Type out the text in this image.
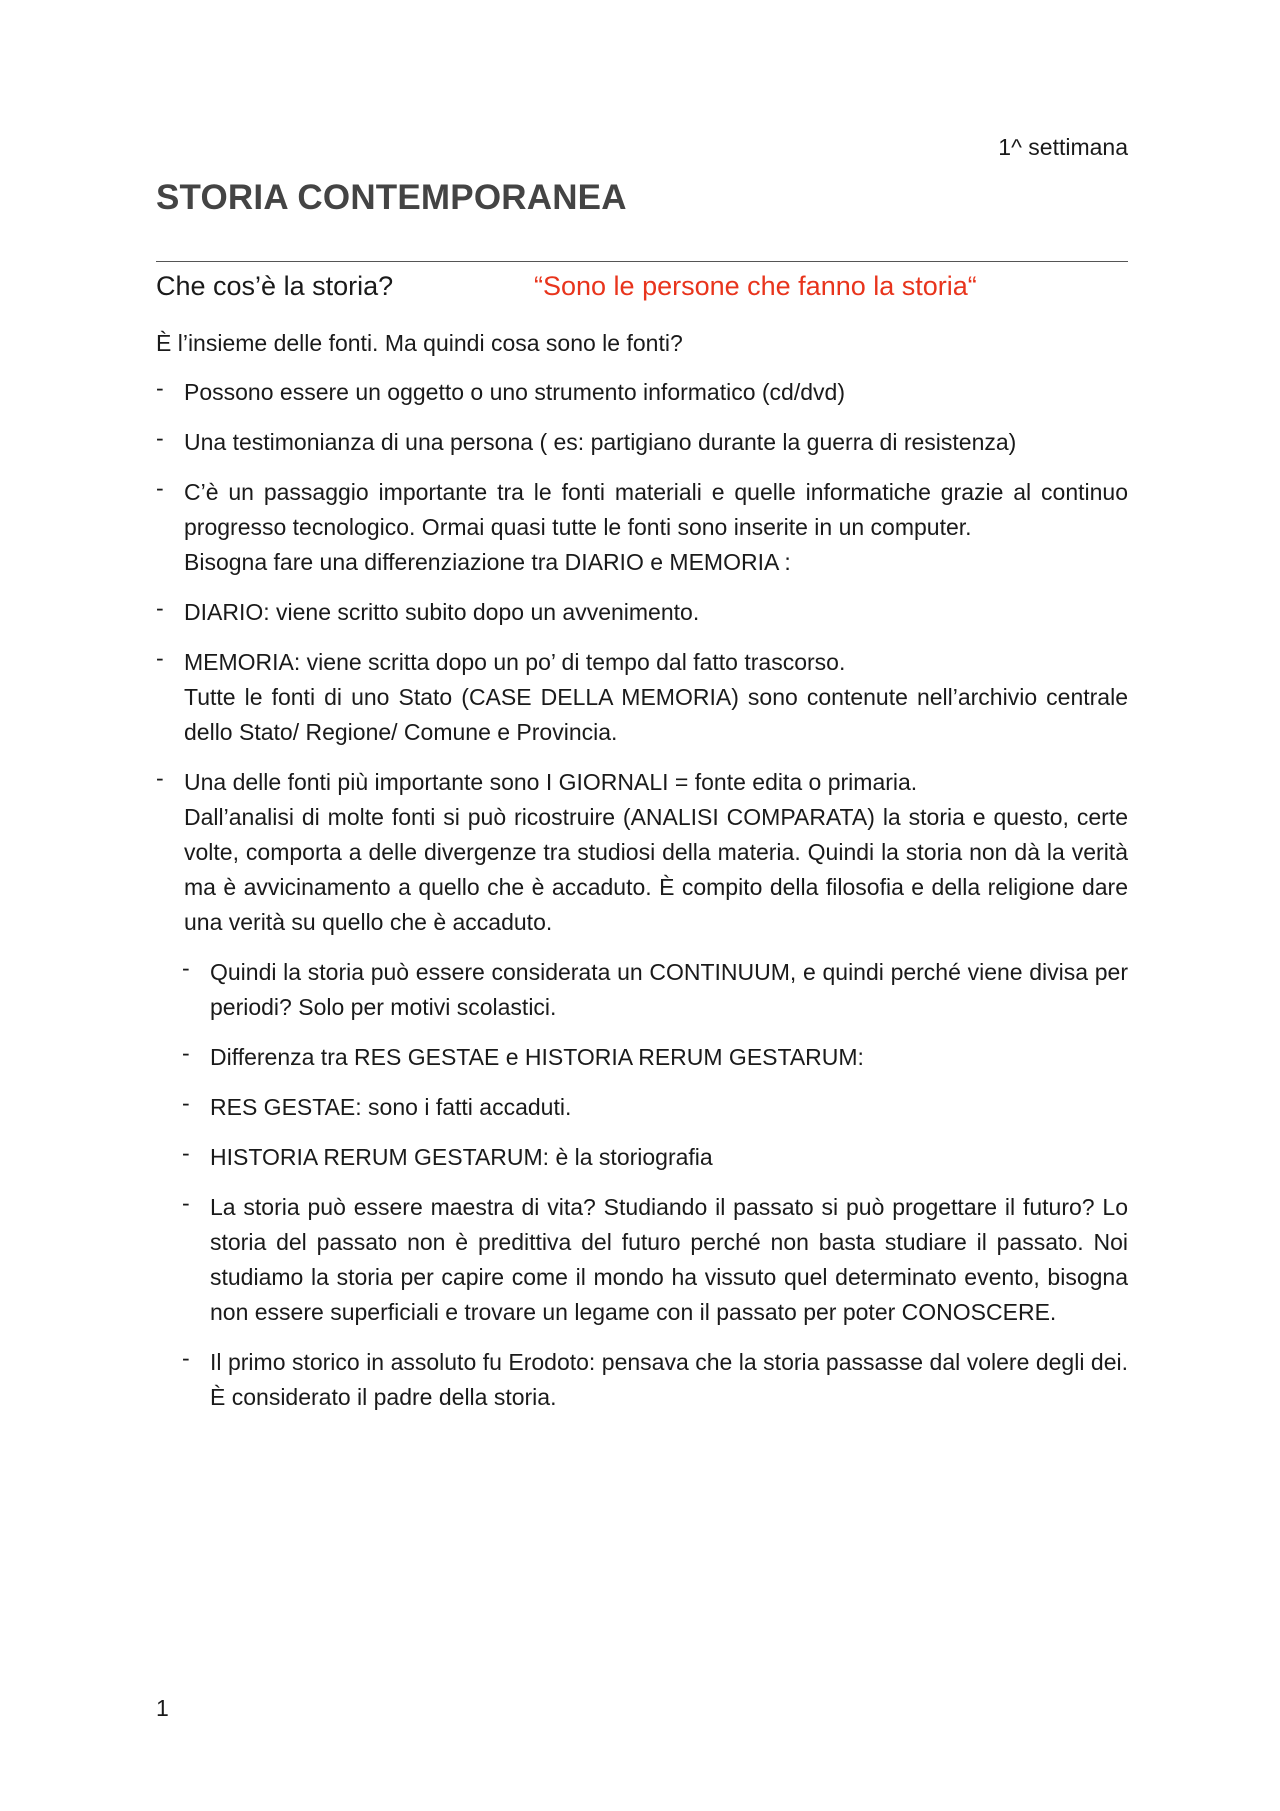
1^ settimana
STORIA CONTEMPORANEA
Che cos’è la storia?	“Sono le persone che fanno la storia“

È l’insieme delle fonti. Ma quindi cosa sono le fonti?

- Possono essere un oggetto o uno strumento informatico (cd/dvd)
- Una testimonianza di una persona ( es: partigiano durante la guerra di resistenza)
- C’è un passaggio importante tra le fonti materiali e quelle informatiche grazie al continuo progresso tecnologico. Ormai quasi tutte le fonti sono inserite in un computer.
Bisogna fare una differenziazione tra DIARIO e MEMORIA :
- DIARIO: viene scritto subito dopo un avvenimento.
- MEMORIA: viene scritta dopo un po’ di tempo dal fatto trascorso.
Tutte le fonti di uno Stato (CASE DELLA MEMORIA) sono contenute nell’archivio centrale dello Stato/ Regione/ Comune e Provincia.
- Una delle fonti più importante sono I GIORNALI = fonte edita o primaria.
Dall’analisi di molte fonti si può ricostruire (ANALISI COMPARATA) la storia e questo, certe volte, comporta a delle divergenze tra studiosi della materia. Quindi la storia non dà la verità ma è avvicinamento a quello che è accaduto. È compito della filosofia e della religione dare una verità su quello che è accaduto.
- Quindi la storia può essere considerata un CONTINUUM, e quindi perché viene divisa per periodi? Solo per motivi scolastici.
- Differenza tra RES GESTAE e HISTORIA RERUM GESTARUM:
- RES GESTAE: sono i fatti accaduti.
- HISTORIA RERUM GESTARUM: è la storiografia
- La storia può essere maestra di vita? Studiando il passato si può progettare il futuro? Lo storia del passato non è predittiva del futuro perché non basta studiare il passato. Noi studiamo la storia per capire come il mondo ha vissuto quel determinato evento, bisogna non essere superficiali e trovare un legame con il passato per poter CONOSCERE.
- Il primo storico in assoluto fu Erodoto: pensava che la storia passasse dal volere degli dei. È considerato il padre della storia.
1
